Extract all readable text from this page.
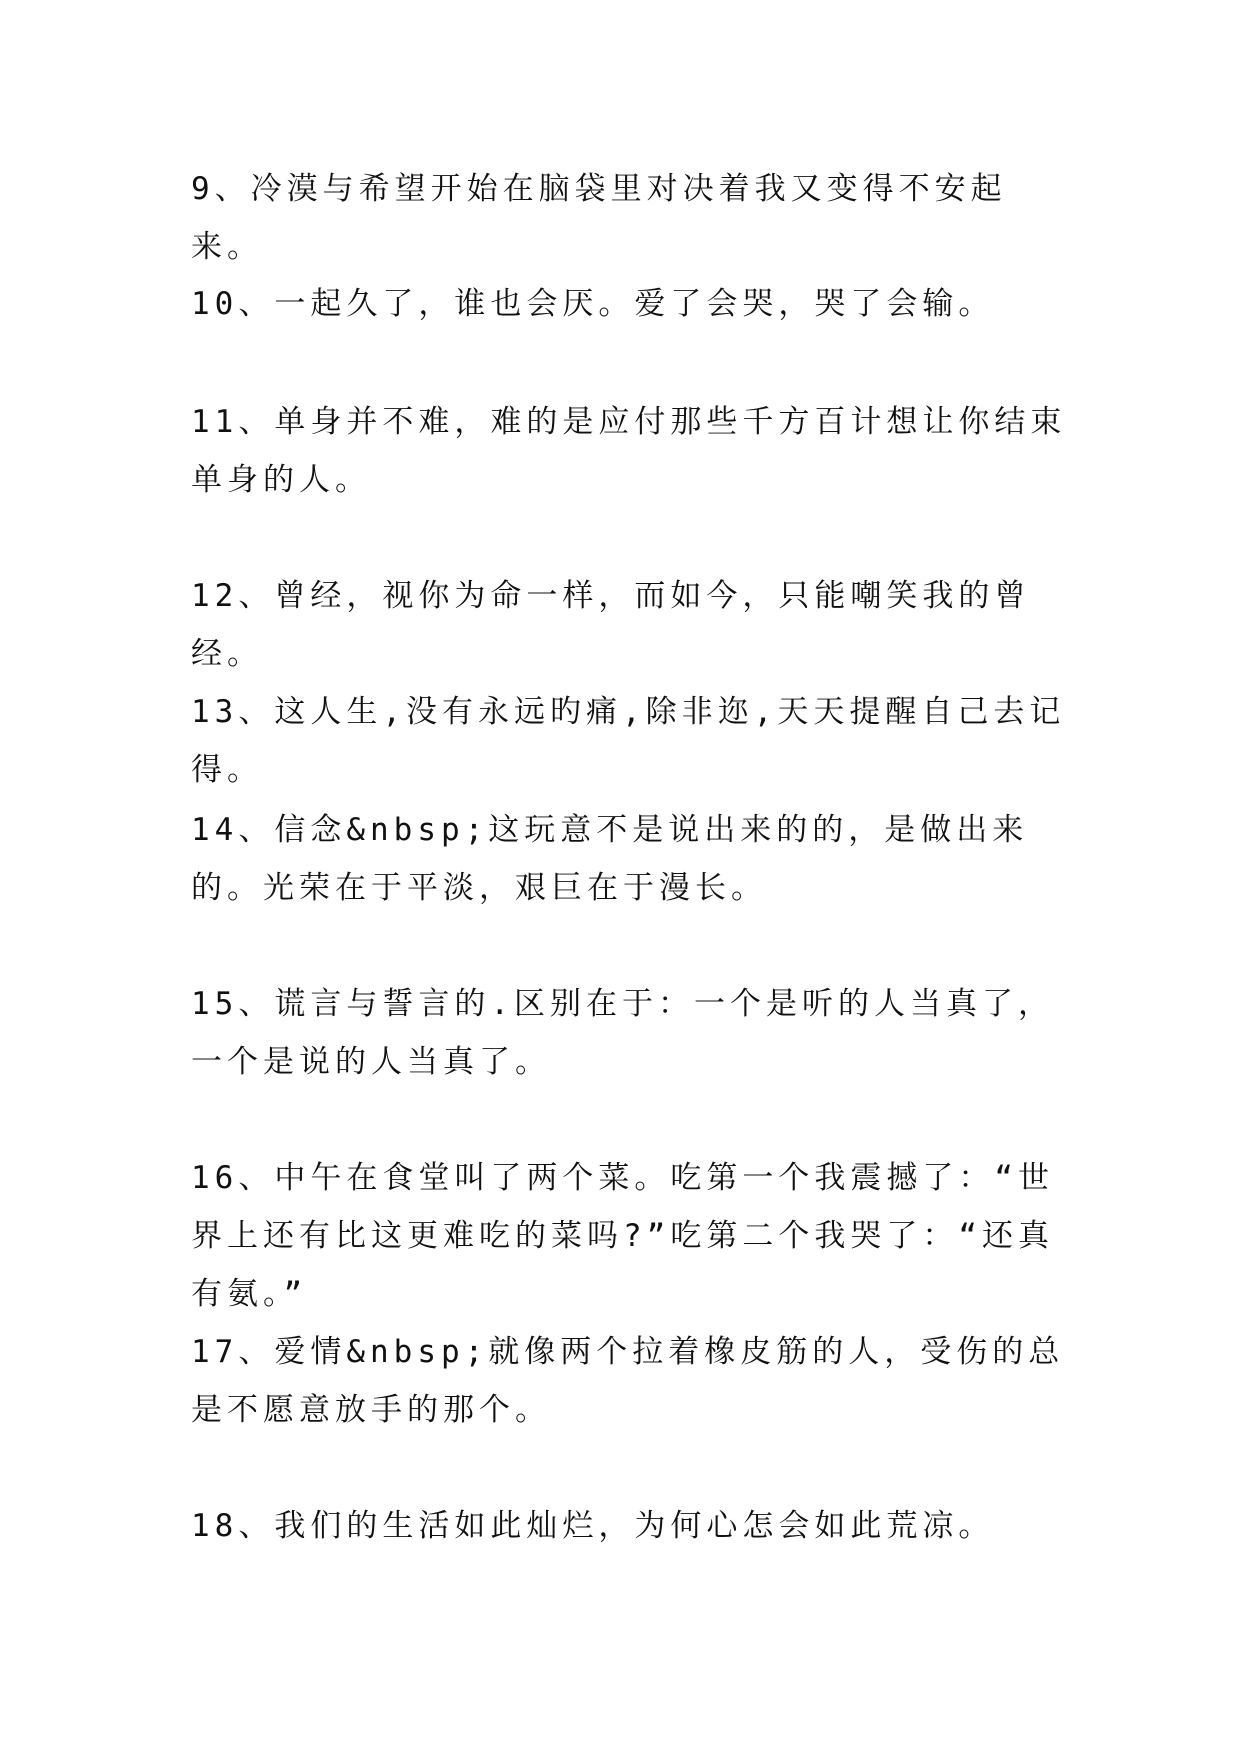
9、冷漠与希望开始在脑袋里对决着我又变得不安起来。

10、一起久了，谁也会厌。爱了会哭，哭了会输。

11、单身并不难，难的是应付那些千方百计想让你结束单身的人。

12、曾经，视你为命一样，而如今，只能嘲笑我的曾经。

13、这人生,没有永远旳痛,除非迩,天天提醒自己去记得。

14、信念&nbsp;这玩意不是说出来的的，是做出来的。光荣在于平淡，艰巨在于漫长。

15、谎言与誓言的.区别在于：一个是听的人当真了，一个是说的人当真了。

16、中午在食堂叫了两个菜。吃第一个我震撼了：“世界上还有比这更难吃的菜吗?”吃第二个我哭了：“还真有氨。”

17、爱情&nbsp;就像两个拉着橡皮筋的人，受伤的总是不愿意放手的那个。

18、我们的生活如此灿烂，为何心怎会如此荒凉。
